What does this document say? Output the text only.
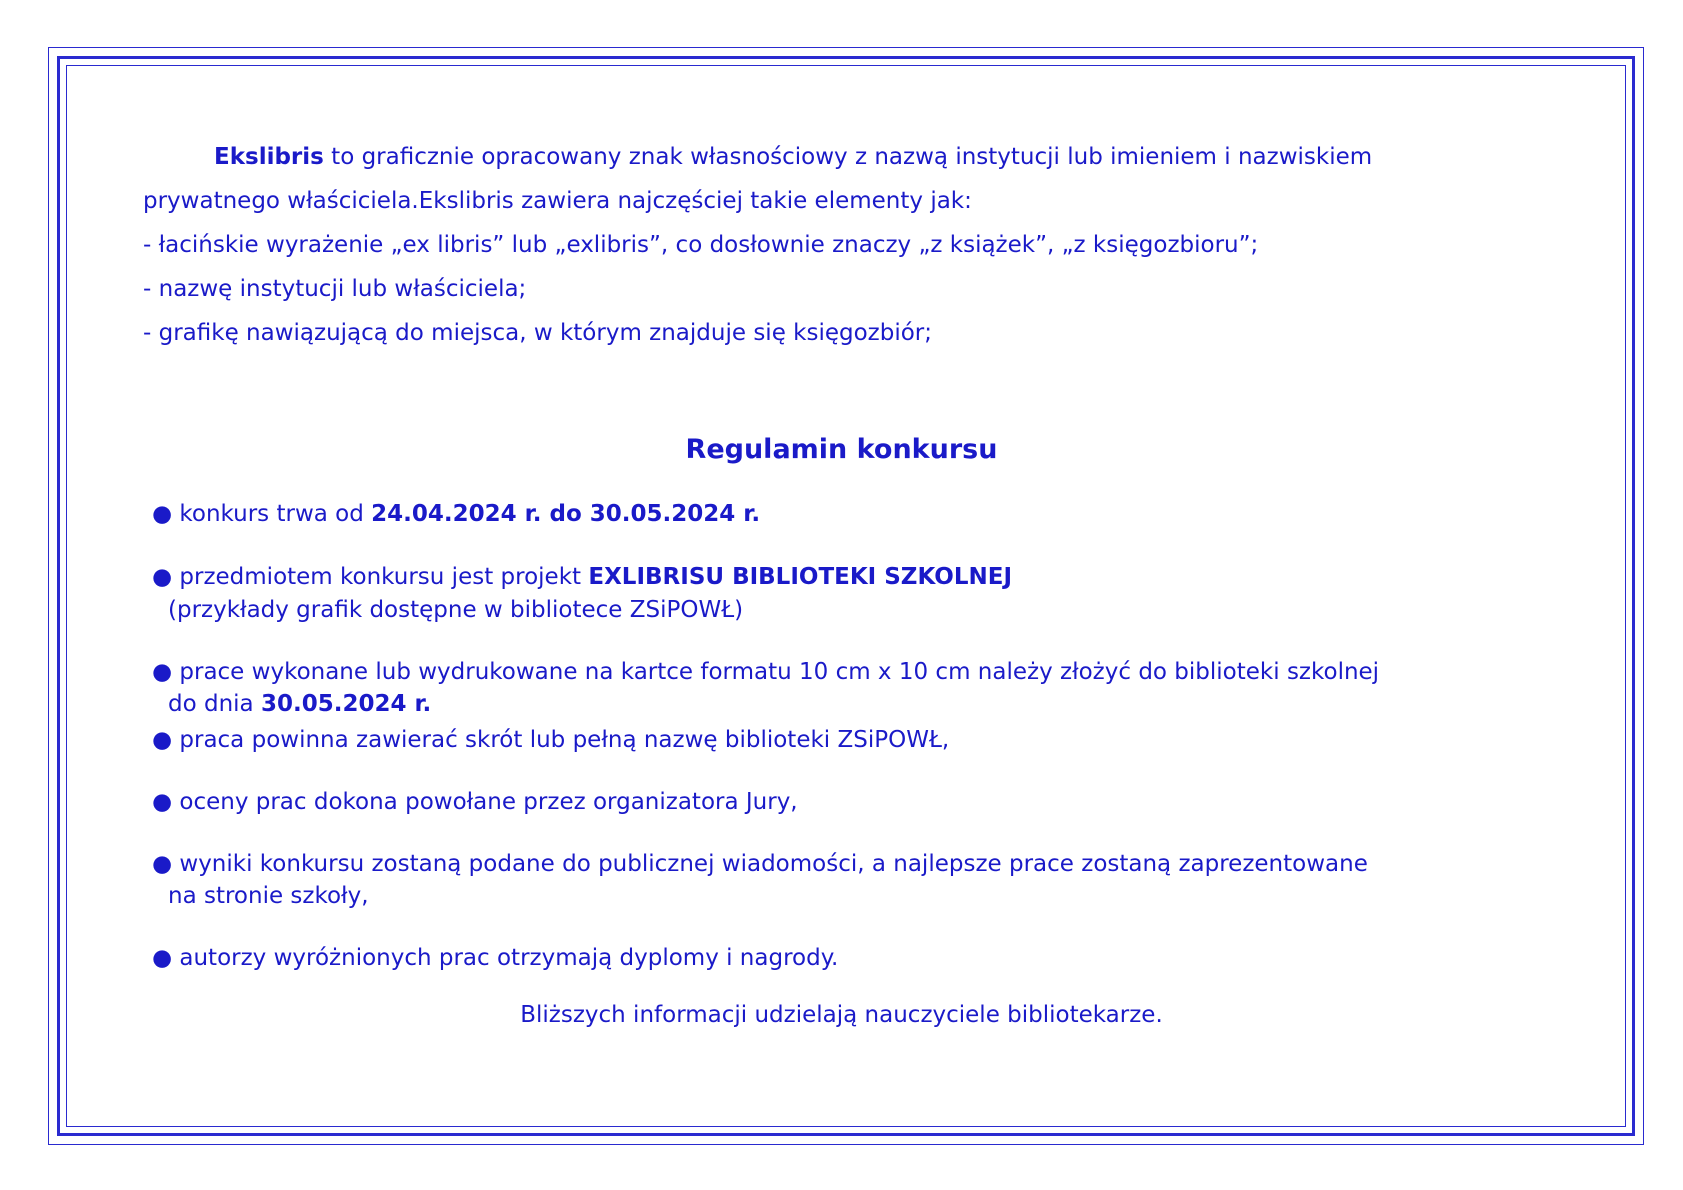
Ekslibris to graficznie opracowany znak własnościowy z nazwą instytucji lub imieniem i nazwiskiem
prywatnego właściciela.Ekslibris zawiera najczęściej takie elementy jak:
- łacińskie wyrażenie „ex libris” lub „exlibris”, co dosłownie znaczy „z książek”, „z księgozbioru”;
- nazwę instytucji lub właściciela;
- grafikę nawiązującą do miejsca, w którym znajduje się księgozbiór;
Regulamin konkursu
● konkurs trwa od 24.04.2024 r. do 30.05.2024 r.
● przedmiotem konkursu jest projekt EXLIBRISU BIBLIOTEKI SZKOLNEJ
(przykłady grafik dostępne w bibliotece ZSiPOWŁ)
● prace wykonane lub wydrukowane na kartce formatu 10 cm x 10 cm należy złożyć do biblioteki szkolnej
do dnia 30.05.2024 r.
● praca powinna zawierać skrót lub pełną nazwę biblioteki ZSiPOWŁ,
● oceny prac dokona powołane przez organizatora Jury,
● wyniki konkursu zostaną podane do publicznej wiadomości, a najlepsze prace zostaną zaprezentowane
na stronie szkoły,
● autorzy wyróżnionych prac otrzymają dyplomy i nagrody.
Bliższych informacji udzielają nauczyciele bibliotekarze.
